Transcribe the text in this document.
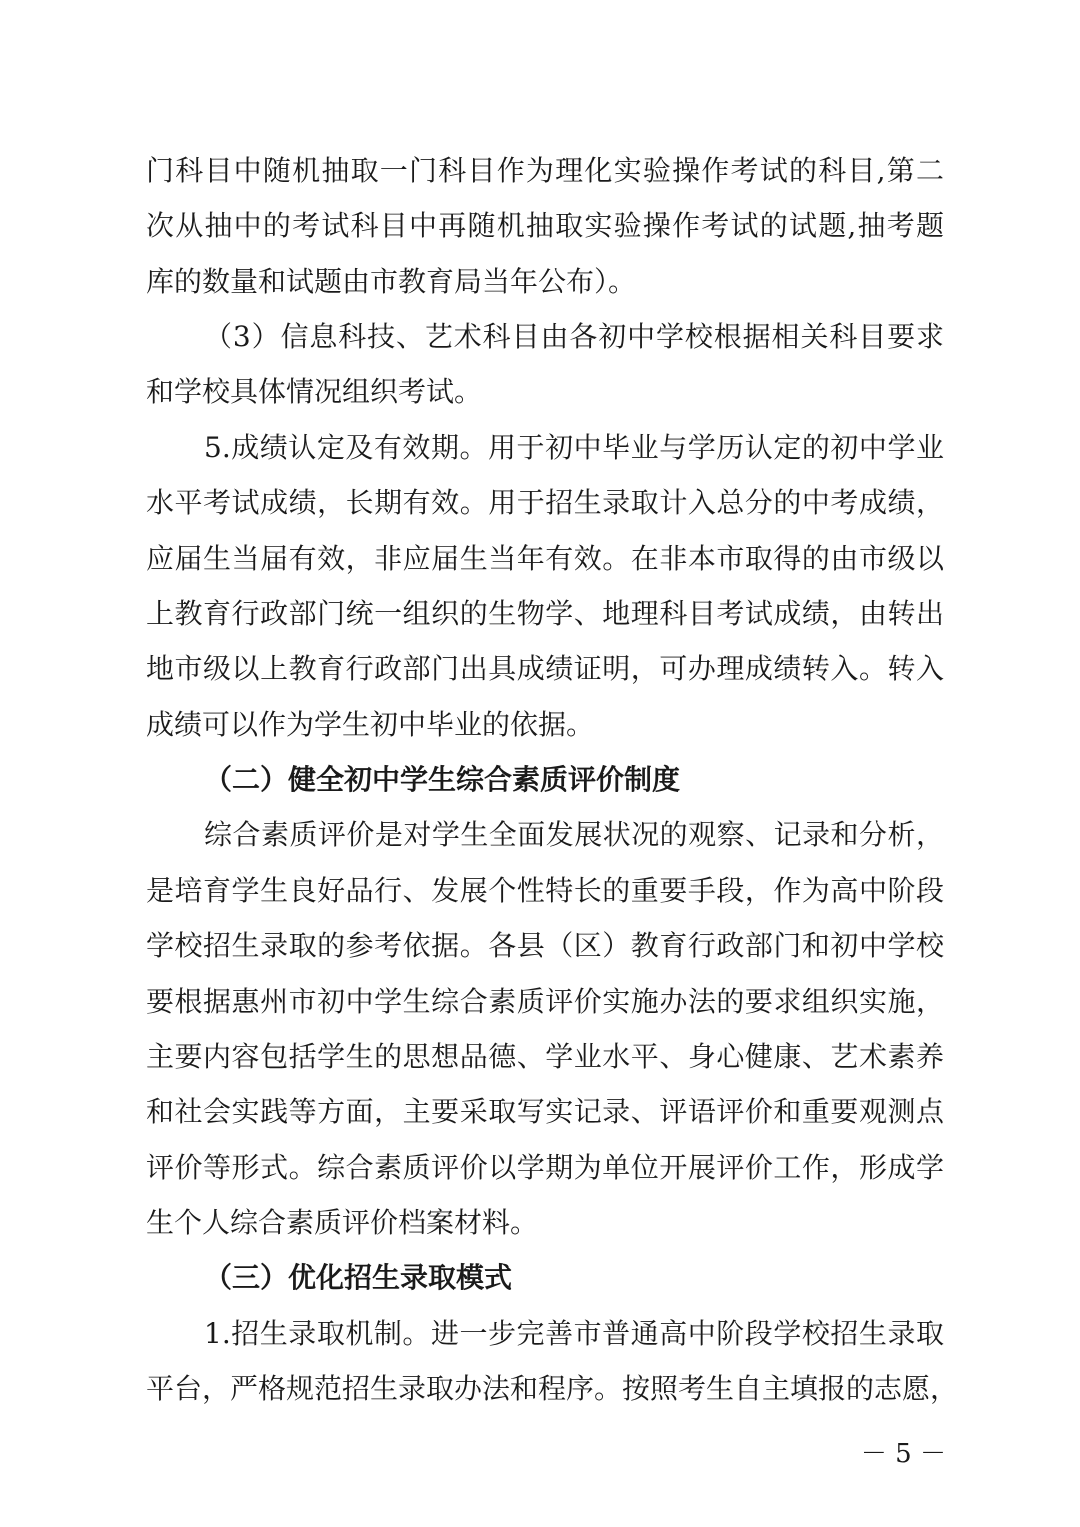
门科目中随机抽取一门科目作为理化实验操作考试的科目,第二
次从抽中的考试科目中再随机抽取实验操作考试的试题,抽考题
库的数量和试题由市教育局当年公布）。
（3）信息科技、艺术科目由各初中学校根据相关科目要求
和学校具体情况组织考试。
5.成绩认定及有效期。用于初中毕业与学历认定的初中学业
水平考试成绩，长期有效。用于招生录取计入总分的中考成绩，
应届生当届有效，非应届生当年有效。在非本市取得的由市级以
上教育行政部门统一组织的生物学、地理科目考试成绩，由转出
地市级以上教育行政部门出具成绩证明，可办理成绩转入。转入
成绩可以作为学生初中毕业的依据。
（二）健全初中学生综合素质评价制度
综合素质评价是对学生全面发展状况的观察、记录和分析，
是培育学生良好品行、发展个性特长的重要手段，作为高中阶段
学校招生录取的参考依据。各县（区）教育行政部门和初中学校
要根据惠州市初中学生综合素质评价实施办法的要求组织实施，
主要内容包括学生的思想品德、学业水平、身心健康、艺术素养
和社会实践等方面，主要采取写实记录、评语评价和重要观测点
评价等形式。综合素质评价以学期为单位开展评价工作，形成学
生个人综合素质评价档案材料。
（三）优化招生录取模式
1.招生录取机制。进一步完善市普通高中阶段学校招生录取
平台，严格规范招生录取办法和程序。按照考生自主填报的志愿，
－ 5 －
